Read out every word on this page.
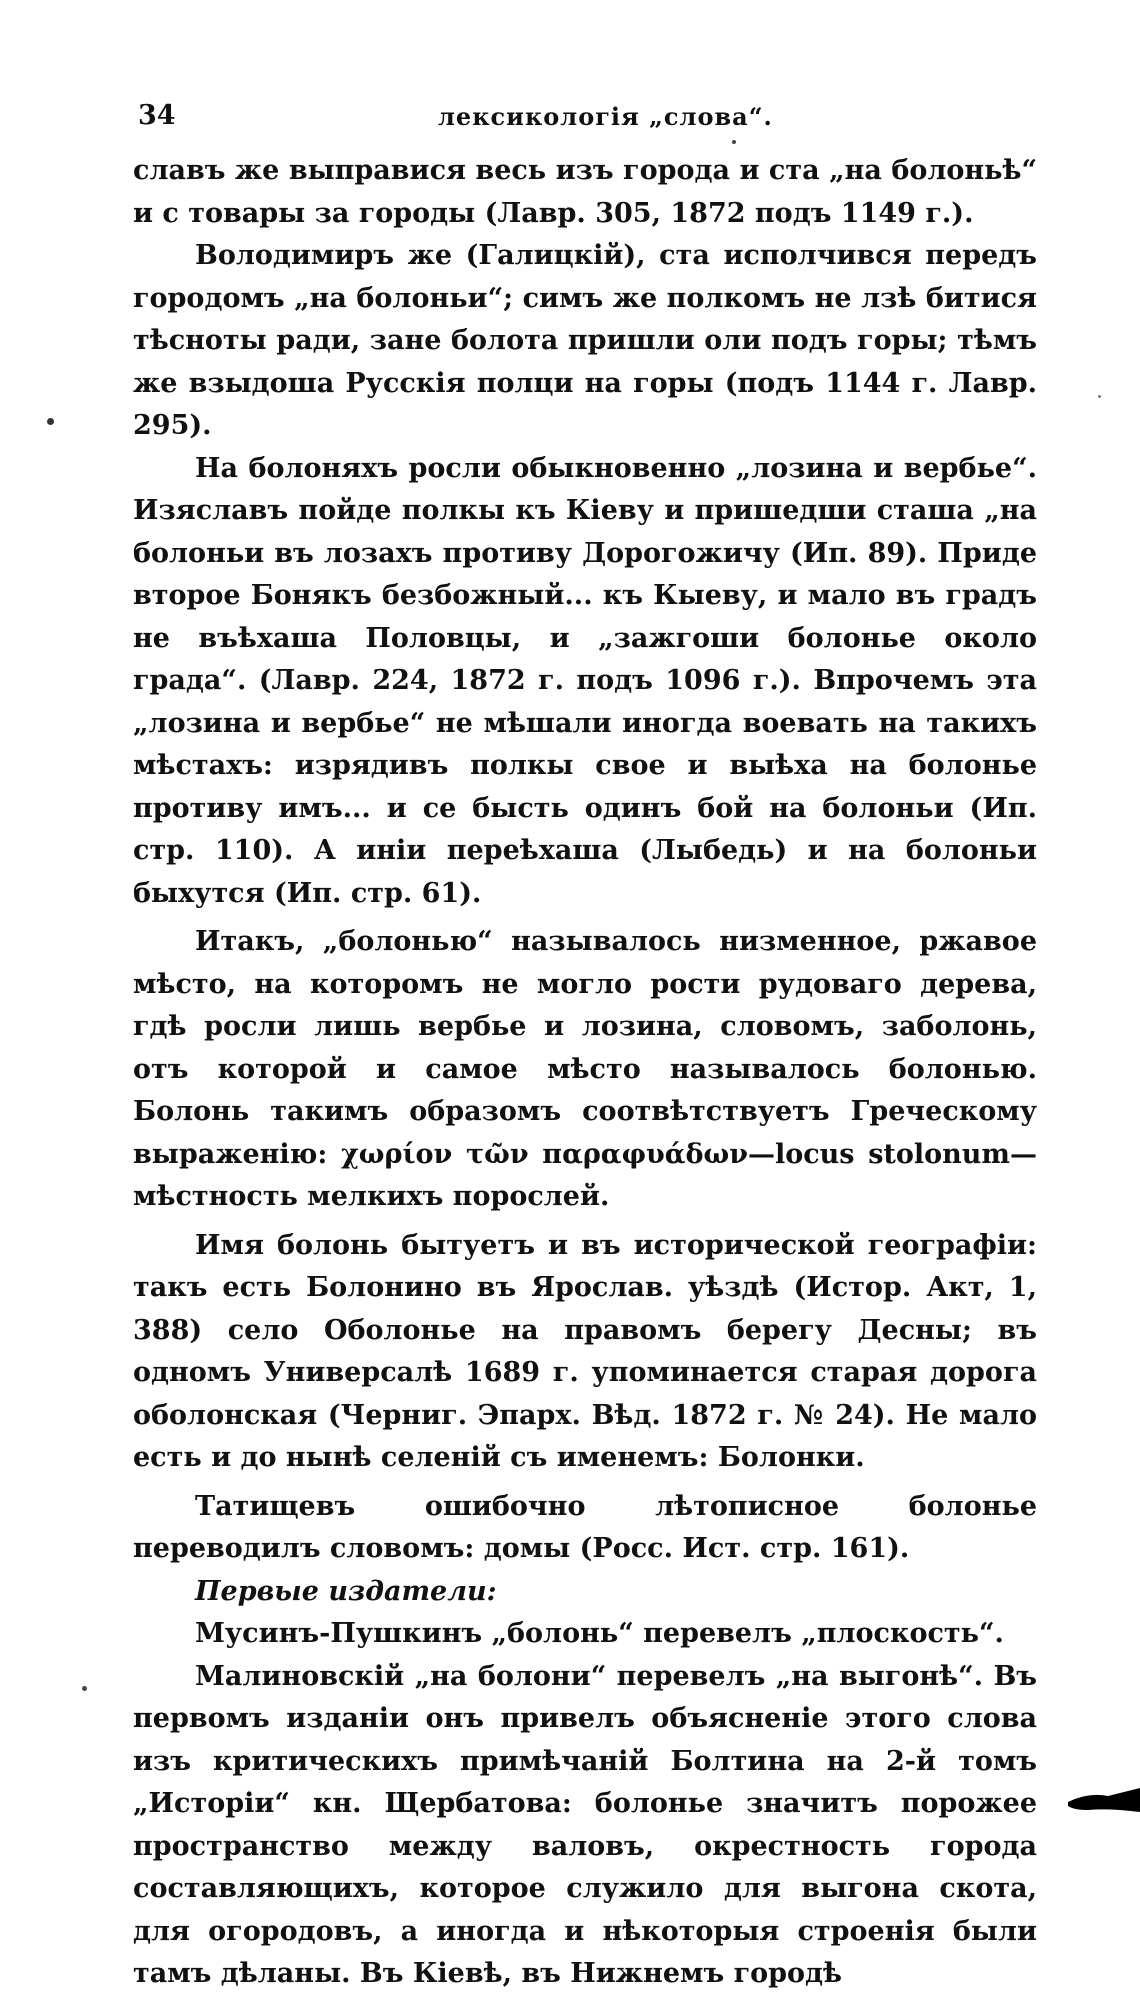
34	лексикологія „слова“.

славъ же выправися весь изъ города и ста „на болоньѣ“ и с товары за городы (Лавр. 305, 1872 подъ 1149 г.).

Володимиръ же (Галицкій), ста исполчився передъ городомъ „на болоньи“; симъ же полкомъ не лзѣ битися тѣсноты ради, зане болота пришли оли подъ горы; тѣмъ же взыдоша Русскія полци на горы (подъ 1144 г. Лавр. 295).

На болоняхъ росли обыкновенно „лозина и вербье“. Изяславъ пойде полкы къ Кіеву и пришедши сташа „на болоньи въ лозахъ противу Дорогожичу (Ип. 89). Приде второе Бонякъ безбожный... къ Кыеву, и мало въ градъ не въѣхаша Половцы, и „зажгоши болонье около града“. (Лавр. 224, 1872 г. подъ 1096 г.). Впрочемъ эта „лозина и вербье“ не мѣшали иногда воевать на такихъ мѣстахъ: изрядивъ полкы свое и выѣха на болонье противу имъ... и се бысть одинъ бой на болоньи (Ип. стр. 110). А инiи переѣхаша (Лыбедь) и на болоньи быхутся (Ип. стр. 61).

Итакъ, „болонью“ называлось низменное, ржавое мѣсто, на которомъ не могло рости рудоваго дерева, гдѣ росли лишь вербье и лозина, словомъ, заболонь, отъ которой и самое мѣсто называлось болонью. Болонь такимъ образомъ соотвѣтствуетъ Греческому выраженію: χωρίον τῶν παραφυάδων—locus stolonum—мѣстность мелкихъ порослей.

Имя болонь бытуетъ и въ исторической географіи: такъ есть Болонино въ Ярослав. уѣздѣ (Истор. Акт, 1, 388) село Оболонье на правомъ берегу Десны; въ одномъ Универсалѣ 1689 г. упоминается старая дорога оболонская (Черниг. Эпарх. Вѣд. 1872 г. № 24). Не мало есть и до нынѣ селеній съ именемъ: Болонки.

Татищевъ ошибочно лѣтописное болонье переводилъ словомъ: домы (Росс. Ист. стр. 161).

Первые издатели:

Мусинъ-Пушкинъ „болонь“ перевелъ „плоскость“.

Малиновскій „на болони“ перевелъ „на выгонѣ“. Въ первомъ изданіи онъ привелъ объясненіе этого слова изъ критическихъ примѣчаній Болтина на 2-й томъ „Исторіи“ кн. Щербатова: болонье значитъ порожее пространство между валовъ, окрестность города составляющихъ, которое служило для выгона скота, для огородовъ, а иногда и нѣкоторыя строенія были тамъ дѣланы. Въ Кіевѣ, въ Нижнемъ городѣ
